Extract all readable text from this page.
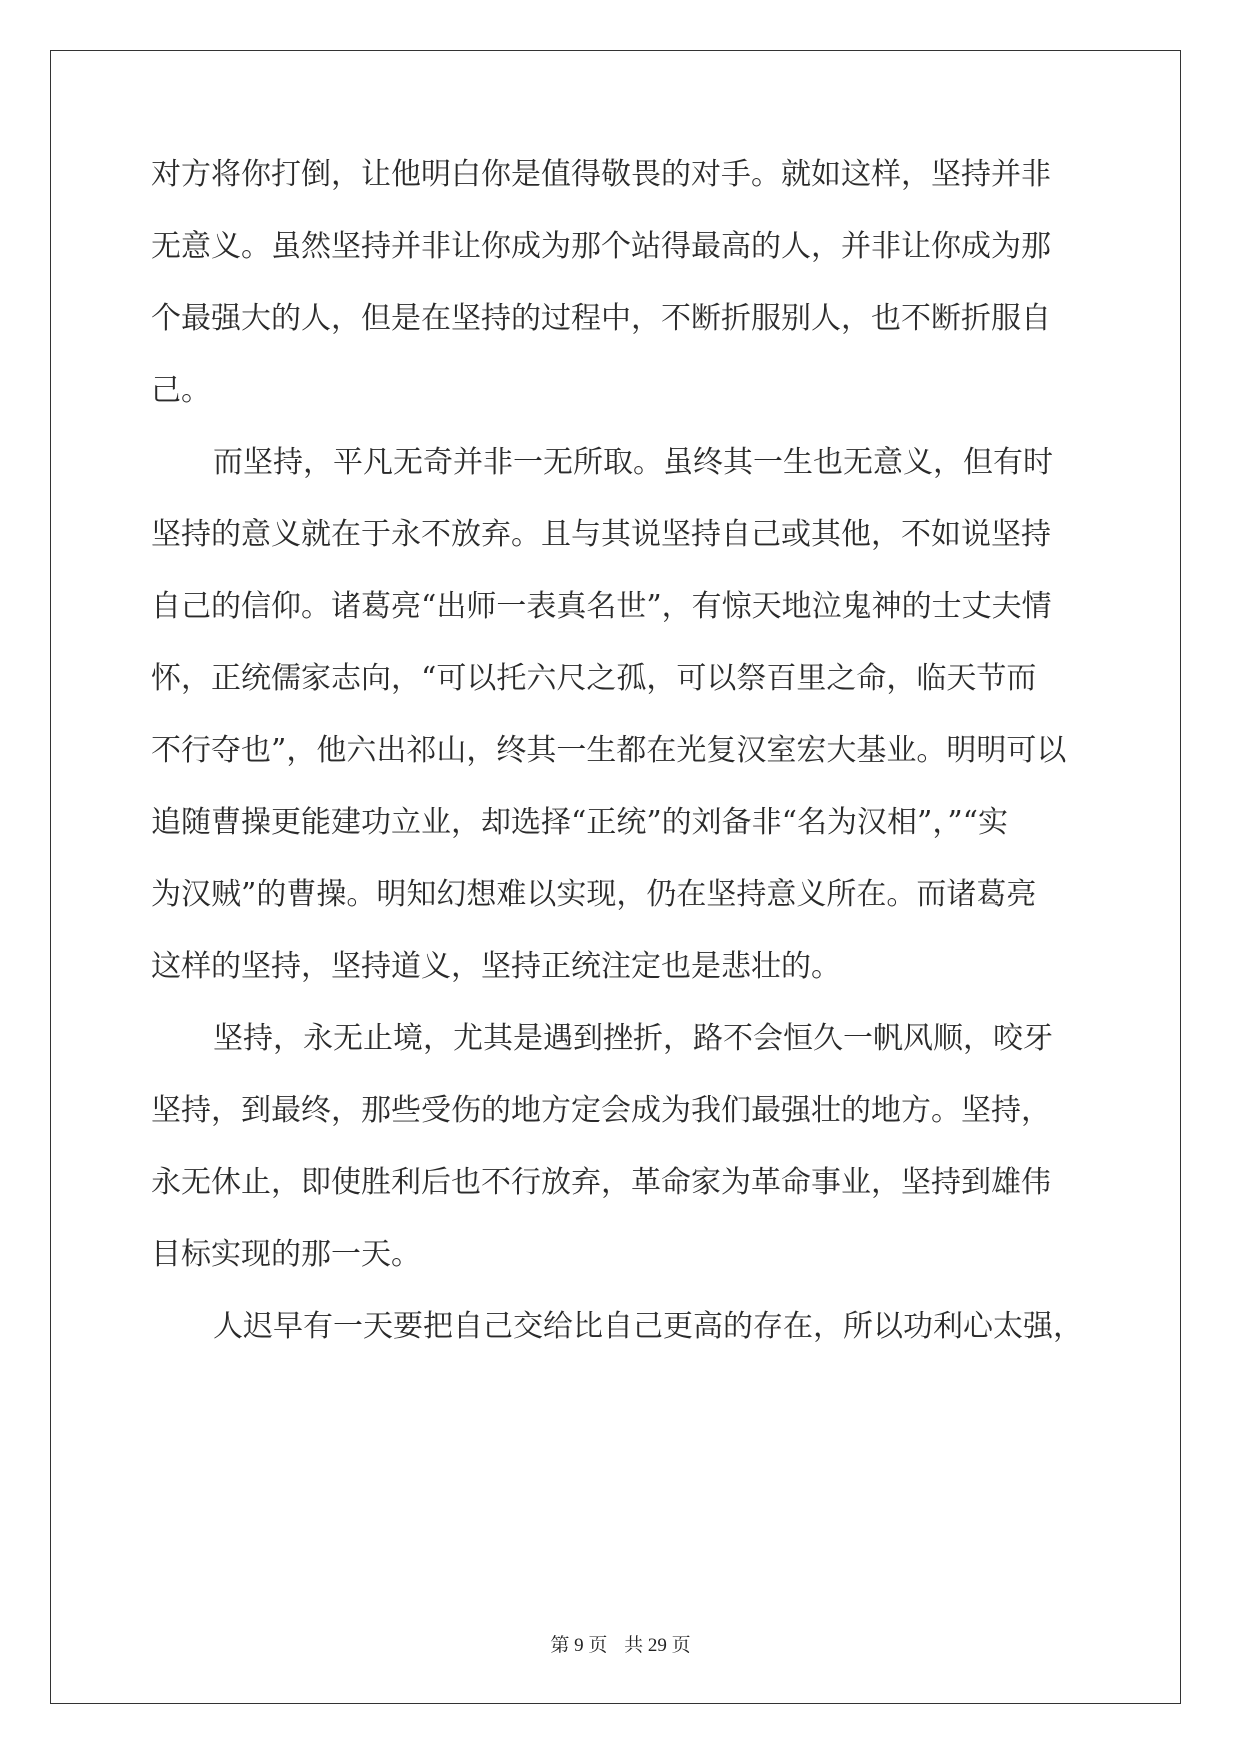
对方将你打倒，让他明白你是值得敬畏的对手。就如这样，坚持并非
无意义。虽然坚持并非让你成为那个站得最高的人，并非让你成为那
个最强大的人，但是在坚持的过程中，不断折服别人，也不断折服自
己。
而坚持，平凡无奇并非一无所取。虽终其一生也无意义，但有时
坚持的意义就在于永不放弃。且与其说坚持自己或其他，不如说坚持
自己的信仰。诸葛亮“出师一表真名世”，有惊天地泣鬼神的士丈夫情
怀，正统儒家志向，“可以托六尺之孤，可以祭百里之命，临天节而
不行夺也”，他六出祁山，终其一生都在光复汉室宏大基业。明明可以
追随曹操更能建功立业，却选择“正统”的刘备非“名为汉相”，”“实
为汉贼”的曹操。明知幻想难以实现，仍在坚持意义所在。而诸葛亮
这样的坚持，坚持道义，坚持正统注定也是悲壮的。
坚持，永无止境，尤其是遇到挫折，路不会恒久一帆风顺，咬牙
坚持，到最终，那些受伤的地方定会成为我们最强壮的地方。坚持，
永无休止，即使胜利后也不行放弃，革命家为革命事业，坚持到雄伟
目标实现的那一天。
人迟早有一天要把自己交给比自己更高的存在，所以功利心太强，
第 9 页 共 29 页
